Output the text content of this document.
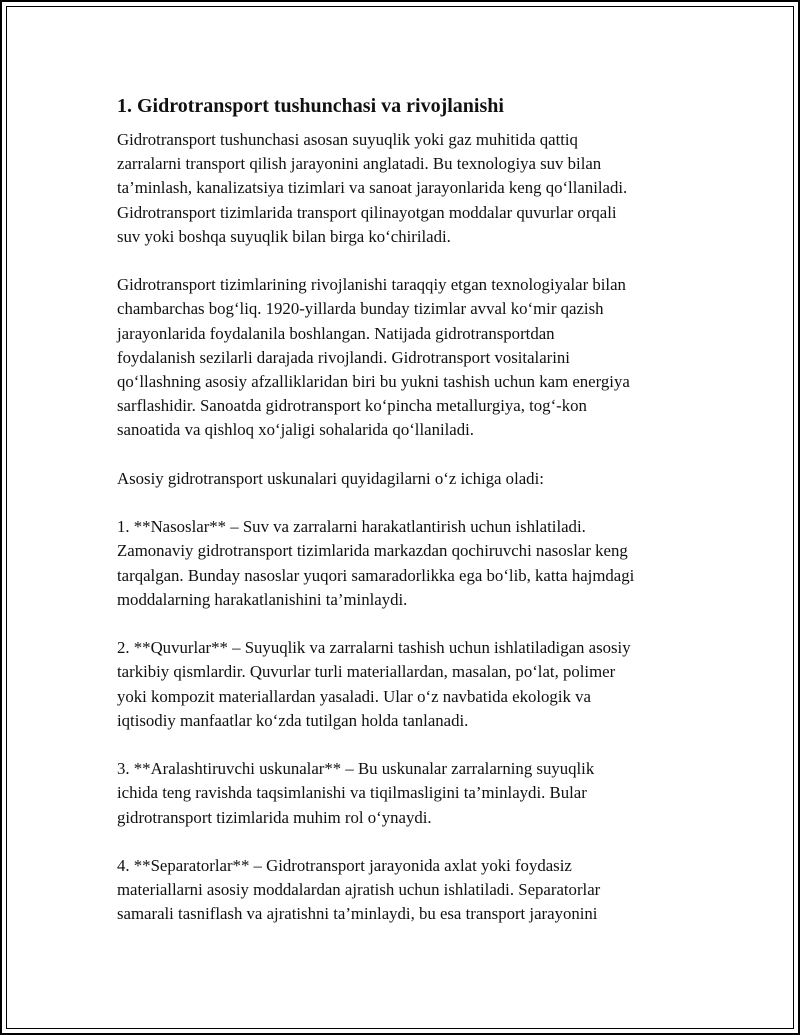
1. Gidrotransport tushunchasi va rivojlanishi
Gidrotransport tushunchasi asosan suyuqlik yoki gaz muhitida qattiq
zarralarni transport qilish jarayonini anglatadi. Bu texnologiya suv bilan
ta’minlash, kanalizatsiya tizimlari va sanoat jarayonlarida keng qo‘llaniladi.
Gidrotransport tizimlarida transport qilinayotgan moddalar quvurlar orqali
suv yoki boshqa suyuqlik bilan birga ko‘chiriladi.
Gidrotransport tizimlarining rivojlanishi taraqqiy etgan texnologiyalar bilan
chambarchas bog‘liq. 1920-yillarda bunday tizimlar avval ko‘mir qazish
jarayonlarida foydalanila boshlangan. Natijada gidrotransportdan
foydalanish sezilarli darajada rivojlandi. Gidrotransport vositalarini
qo‘llashning asosiy afzalliklaridan biri bu yukni tashish uchun kam energiya
sarflashidir. Sanoatda gidrotransport ko‘pincha metallurgiya, tog‘-kon
sanoatida va qishloq xo‘jaligi sohalarida qo‘llaniladi.
Asosiy gidrotransport uskunalari quyidagilarni o‘z ichiga oladi:
1. **Nasoslar** – Suv va zarralarni harakatlantirish uchun ishlatiladi.
Zamonaviy gidrotransport tizimlarida markazdan qochiruvchi nasoslar keng
tarqalgan. Bunday nasoslar yuqori samaradorlikka ega bo‘lib, katta hajmdagi
moddalarning harakatlanishini ta’minlaydi.
2. **Quvurlar** – Suyuqlik va zarralarni tashish uchun ishlatiladigan asosiy
tarkibiy qismlardir. Quvurlar turli materiallardan, masalan, po‘lat, polimer
yoki kompozit materiallardan yasaladi. Ular o‘z navbatida ekologik va
iqtisodiy manfaatlar ko‘zda tutilgan holda tanlanadi.
3. **Aralashtiruvchi uskunalar** – Bu uskunalar zarralarning suyuqlik
ichida teng ravishda taqsimlanishi va tiqilmasligini ta’minlaydi. Bular
gidrotransport tizimlarida muhim rol o‘ynaydi.
4. **Separatorlar** – Gidrotransport jarayonida axlat yoki foydasiz
materiallarni asosiy moddalardan ajratish uchun ishlatiladi. Separatorlar
samarali tasniflash va ajratishni ta’minlaydi, bu esa transport jarayonini
